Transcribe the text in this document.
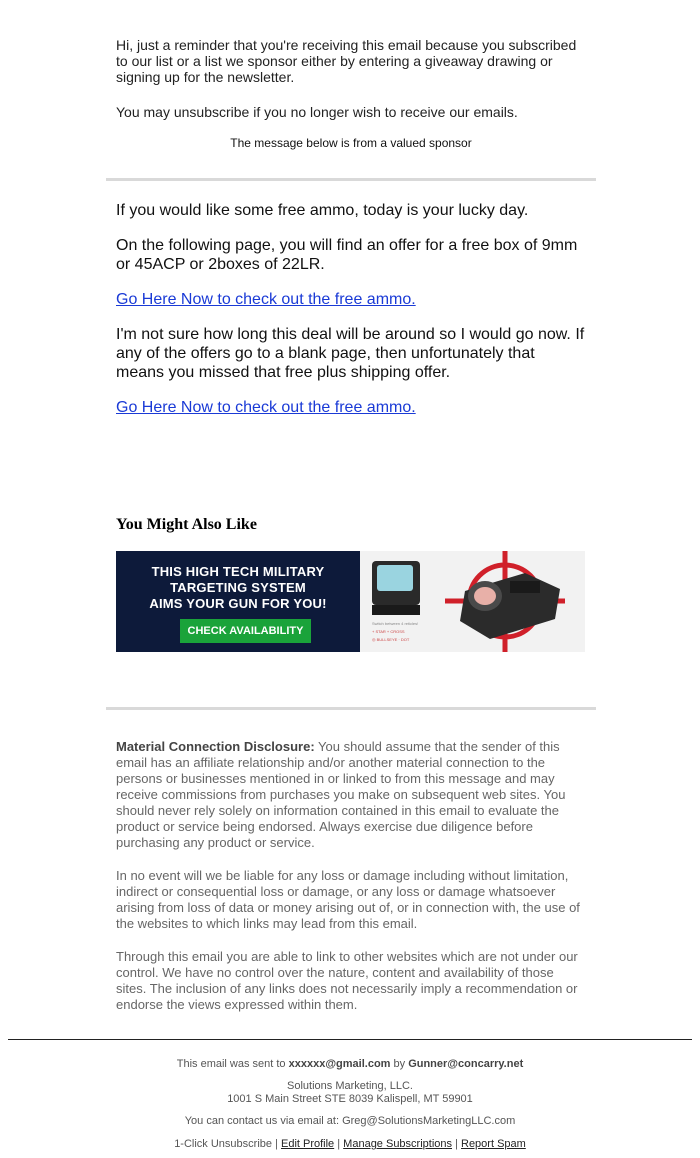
Hi, just a reminder that you're receiving this email because you subscribed to our list or a list we sponsor either by entering a giveaway drawing or signing up for the newsletter.

You may unsubscribe if you no longer wish to receive our emails.

The message below is from a valued sponsor

If you would like some free ammo, today is your lucky day.

On the following page, you will find an offer for a free box of 9mm or 45ACP or 2boxes of 22LR.

Go Here Now to check out the free ammo.

I'm not sure how long this deal will be around so I would go now. If any of the offers go to a blank page, then unfortunately that means you missed that free plus shipping offer.

Go Here Now to check out the free ammo.

You Might Also Like
THIS HIGH TECH MILITARY
TARGETING SYSTEM
AIMS YOUR GUN FOR YOU!
CHECK AVAILABILITY
Switch between 4 reticles!
+ STAR + CROSS
◎ BULLSEYE · DOT

Material Connection Disclosure: You should assume that the sender of this email has an affiliate relationship and/or another material connection to the persons or businesses mentioned in or linked to from this message and may receive commissions from purchases you make on subsequent web sites. You should never rely solely on information contained in this email to evaluate the product or service being endorsed. Always exercise due diligence before purchasing any product or service.

In no event will we be liable for any loss or damage including without limitation, indirect or consequential loss or damage, or any loss or damage whatsoever arising from loss of data or money arising out of, or in connection with, the use of the websites to which links may lead from this email.

Through this email you are able to link to other websites which are not under our control. We have no control over the nature, content and availability of those sites. The inclusion of any links does not necessarily imply a recommendation or endorse the views expressed within them.

This email was sent to xxxxxx@gmail.com by Gunner@concarry.net
Solutions Marketing, LLC.
1001 S Main Street STE 8039 Kalispell, MT 59901
You can contact us via email at: Greg@SolutionsMarketingLLC.com
1-Click Unsubscribe | Edit Profile | Manage Subscriptions | Report Spam
